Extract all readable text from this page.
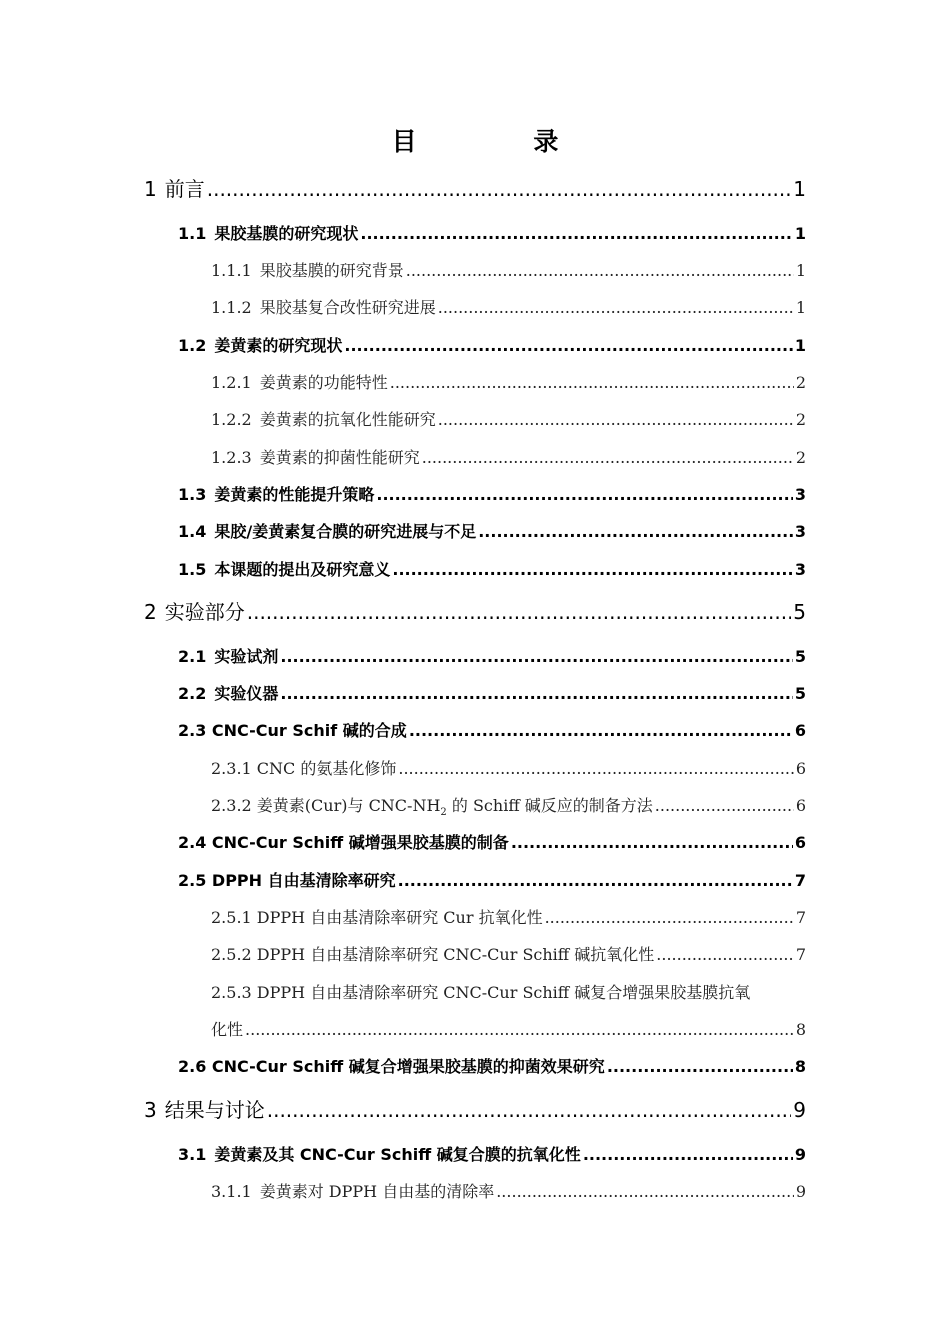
目 录
1 前言 .....	1
1.1 果胶基膜的研究现状 .....	1
1.1.1 果胶基膜的研究背景 .....	1
1.1.2 果胶基复合改性研究进展 .....	1
1.2 姜黄素的研究现状 .....	1
1.2.1 姜黄素的功能特性 .....	2
1.2.2 姜黄素的抗氧化性能研究 .....	2
1.2.3 姜黄素的抑菌性能研究 .....	2
1.3 姜黄素的性能提升策略 .....	3
1.4 果胶/姜黄素复合膜的研究进展与不足 .....	3
1.5 本课题的提出及研究意义 .....	3
2 实验部分 .....	5
2.1 实验试剂 .....	5
2.2 实验仪器 .....	5
2.3 CNC-Cur Schif 碱的合成 .....	6
2.3.1 CNC 的氨基化修饰 .....	6
2.3.2 姜黄素(Cur)与 CNC-$NH_2$ 的 Schiff 碱反应的制备方法 .....	6
2.4 CNC-Cur Schiff 碱增强果胶基膜的制备 .....	6
2.5 DPPH 自由基清除率研究 .....	7
2.5.1 DPPH 自由基清除率研究 Cur 抗氧化性 .....	7
2.5.2 DPPH 自由基清除率研究 CNC-Cur Schiff 碱抗氧化性 .....	7
2.5.3 DPPH 自由基清除率研究 CNC-Cur Schiff 碱复合增强果胶基膜抗氧
化性 .....	8
2.6 CNC-Cur Schiff 碱复合增强果胶基膜的抑菌效果研究 .....	8
3 结果与讨论 .....	9
3.1 姜黄素及其 CNC-Cur Schiff 碱复合膜的抗氧化性 .....	9
3.1.1 姜黄素对 DPPH 自由基的清除率 .....	9
